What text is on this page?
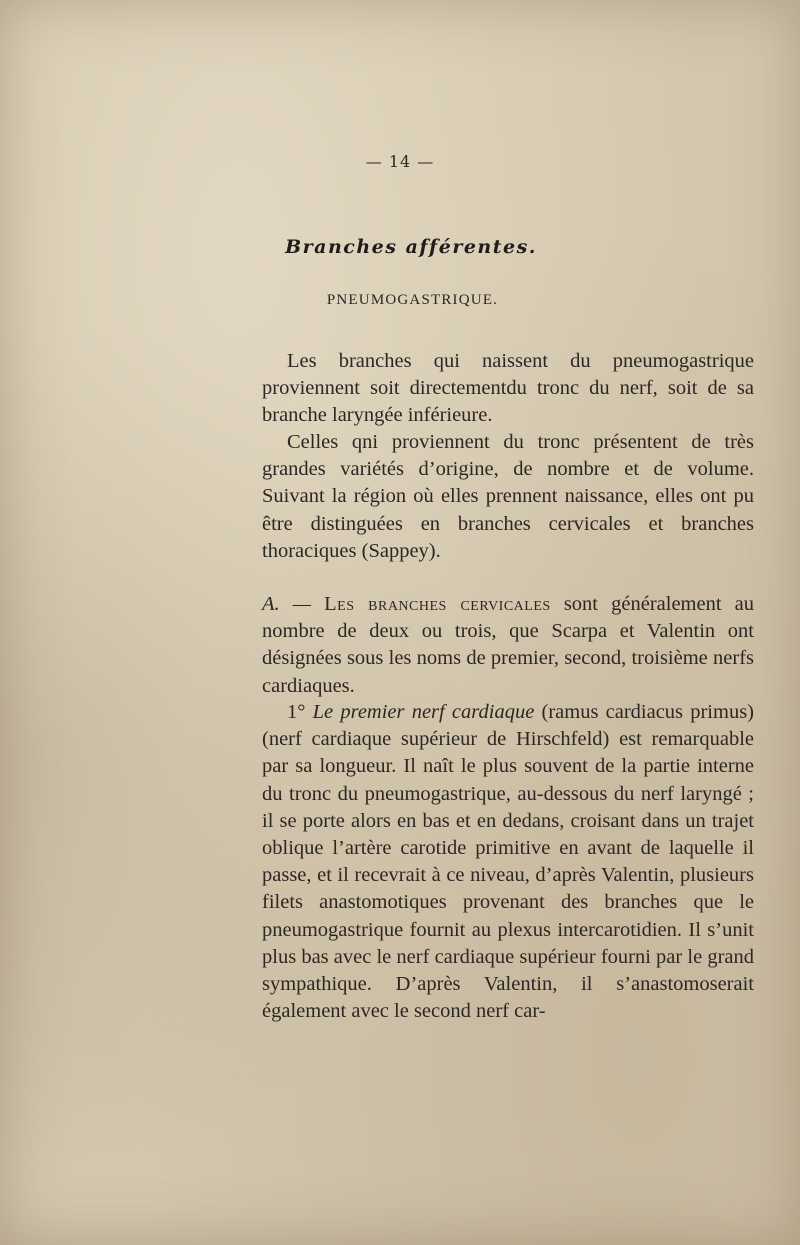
— 14 —
Branches afférentes.
PNEUMOGASTRIQUE.

Les branches qui naissent du pneumogastrique proviennent soit directementdu tronc du nerf, soit de sa branche laryngée inférieure.

Celles qni proviennent du tronc présentent de très grandes variétés d’origine, de nombre et de volume. Suivant la région où elles prennent naissance, elles ont pu être distinguées en branches cervicales et branches thoraciques (Sappey).

A. — Les branches cervicales sont généralement au nombre de deux ou trois, que Scarpa et Valentin ont désignées sous les noms de premier, second, troisième nerfs cardiaques.

1° Le premier nerf cardiaque (ramus cardiacus primus) (nerf cardiaque supérieur de Hirschfeld) est remarquable par sa longueur. Il naît le plus souvent de la partie interne du tronc du pneumogastrique, au-dessous du nerf laryngé ; il se porte alors en bas et en dedans, croisant dans un trajet oblique l’artère carotide primitive en avant de laquelle il passe, et il recevrait à ce niveau, d’après Valentin, plusieurs filets anastomotiques provenant des branches que le pneumogastrique fournit au plexus intercarotidien. Il s’unit plus bas avec le nerf cardiaque supérieur fourni par le grand sympathique. D’après Valentin, il s’anastomoserait également avec le second nerf car-
